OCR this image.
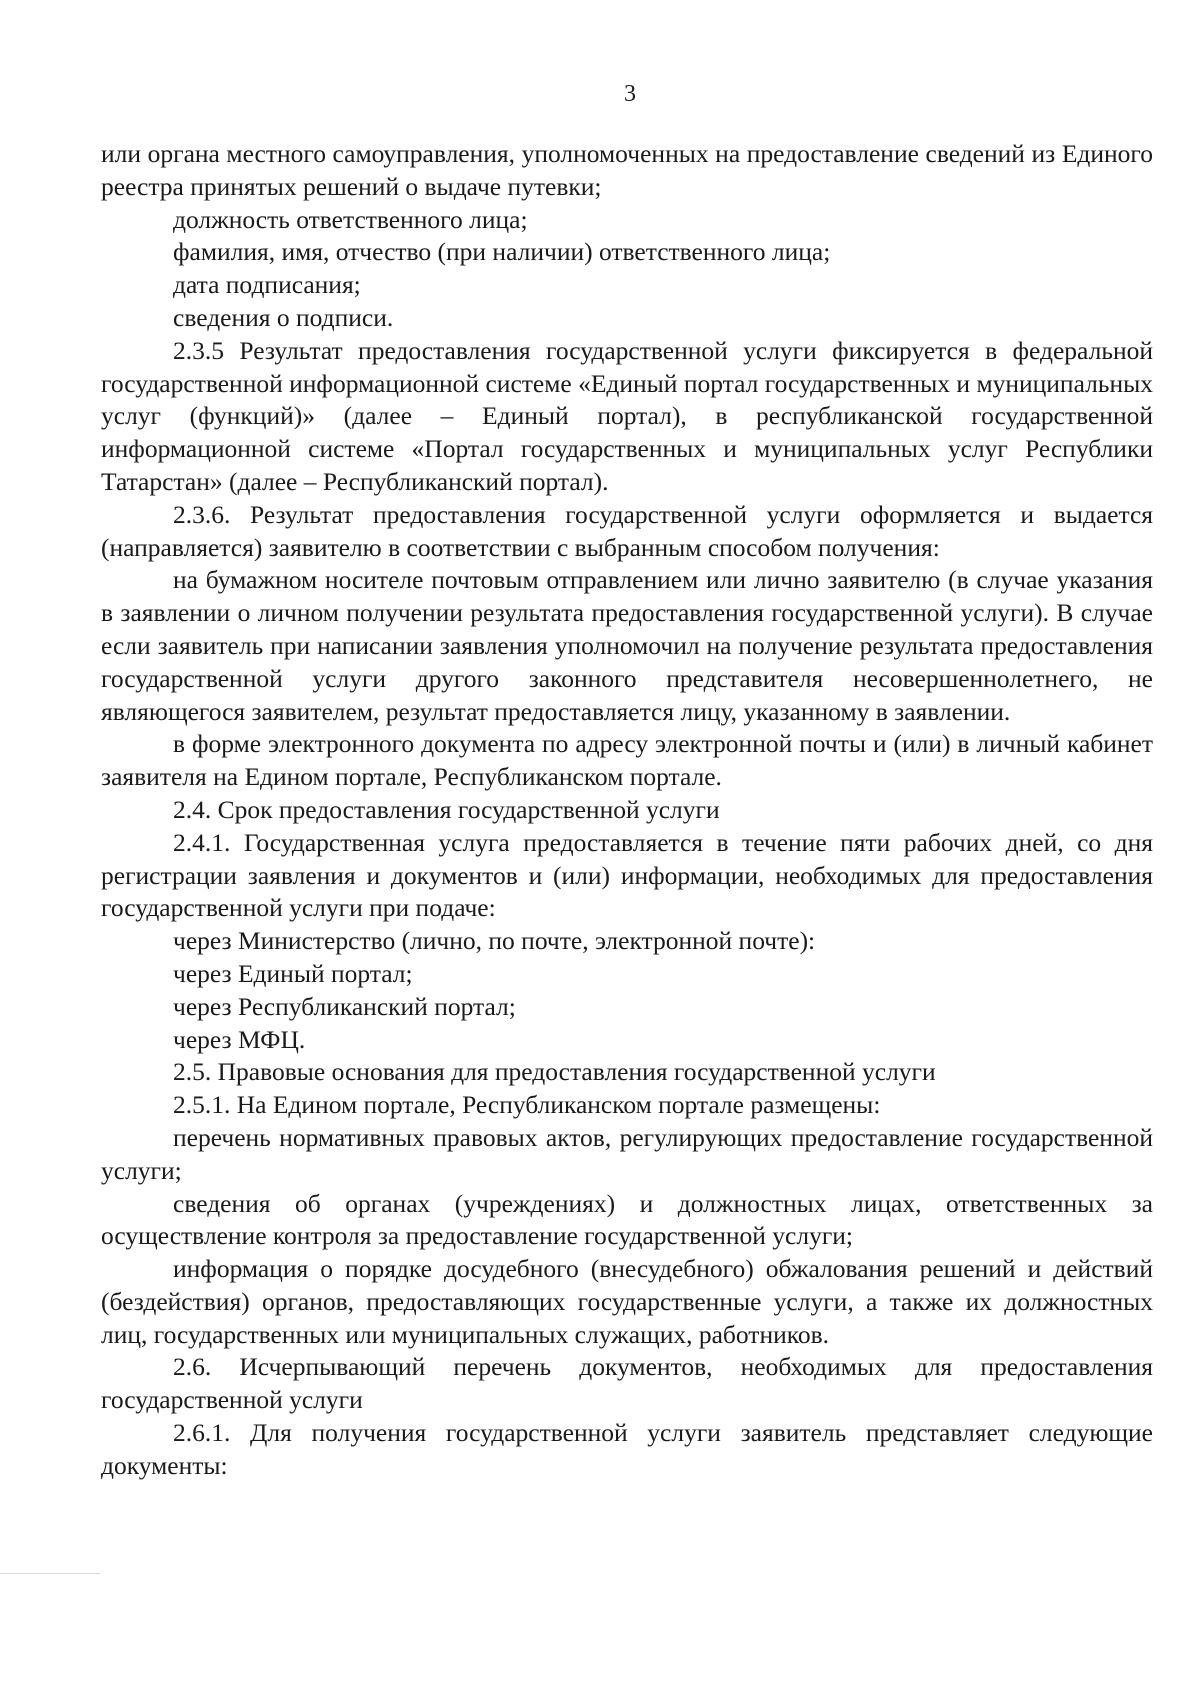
3

или органа местного самоуправления, уполномоченных на предоставление сведений из Единого реестра принятых решений о выдаче путевки;

должность ответственного лица;

фамилия, имя, отчество (при наличии) ответственного лица;

дата подписания;

сведения о подписи.

2.3.5 Результат предоставления государственной услуги фиксируется в федеральной государственной информационной системе «Единый портал государственных и муниципальных услуг (функций)» (далее – Единый портал), в республиканской государственной информационной системе «Портал государственных и муниципальных услуг Республики Татарстан» (далее – Республиканский портал).

2.3.6. Результат предоставления государственной услуги оформляется и выдается (направляется) заявителю в соответствии с выбранным способом получения:

на бумажном носителе почтовым отправлением или лично заявителю (в случае указания в заявлении о личном получении результата предоставления государственной услуги). В случае если заявитель при написании заявления уполномочил на получение результата предоставления государственной услуги другого законного представителя несовершеннолетнего, не являющегося заявителем, результат предоставляется лицу, указанному в заявлении.

в форме электронного документа по адресу электронной почты и (или) в личный кабинет заявителя на Едином портале, Республиканском портале.

2.4. Срок предоставления государственной услуги

2.4.1. Государственная услуга предоставляется в течение пяти рабочих дней, со дня регистрации заявления и документов и (или) информации, необходимых для предоставления государственной услуги при подаче:

через Министерство (лично, по почте, электронной почте):

через Единый портал;

через Республиканский портал;

через МФЦ.

2.5. Правовые основания для предоставления государственной услуги

2.5.1. На Едином портале, Республиканском портале размещены:

перечень нормативных правовых актов, регулирующих предоставление государственной услуги;

сведения об органах (учреждениях) и должностных лицах, ответственных за осуществление контроля за предоставление государственной услуги;

информация о порядке досудебного (внесудебного) обжалования решений и действий (бездействия) органов, предоставляющих государственные услуги, а также их должностных лиц, государственных или муниципальных служащих, работников.

2.6. Исчерпывающий перечень документов, необходимых для предоставления государственной услуги

2.6.1. Для получения государственной услуги заявитель представляет следующие документы:
